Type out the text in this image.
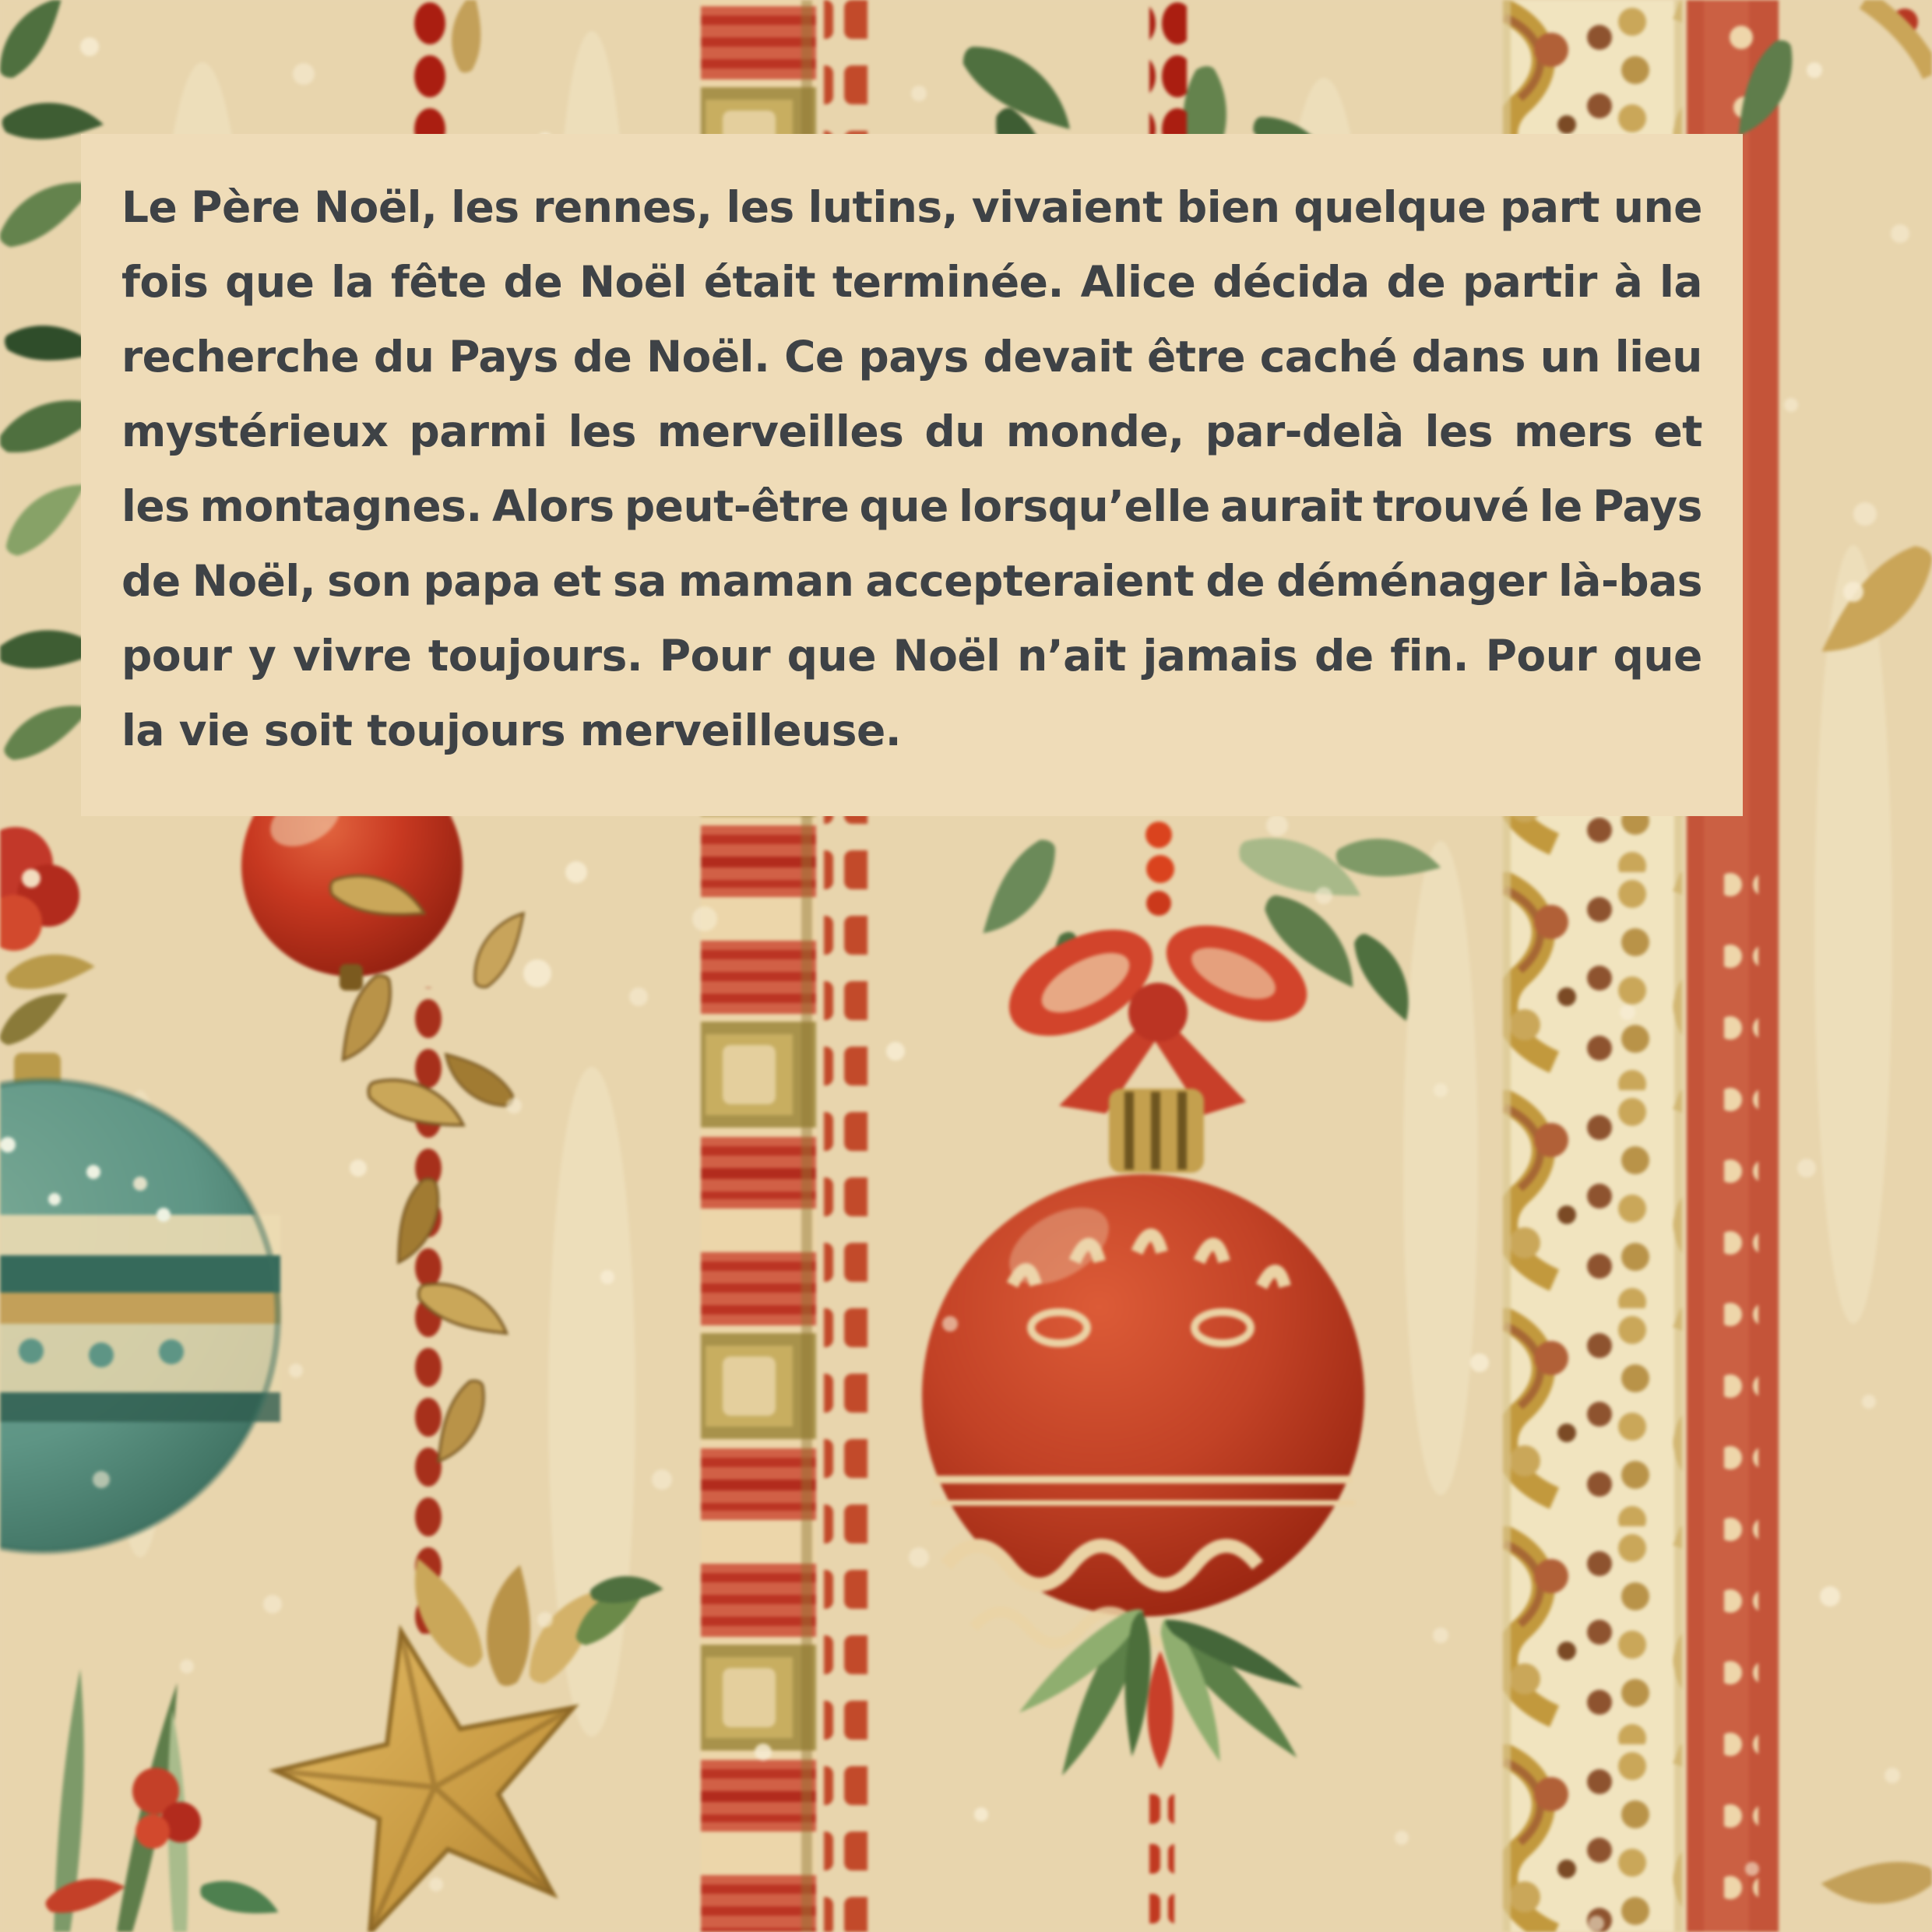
Le Père Noël, les rennes, les lutins, vivaient bien quelque part une
fois que la fête de Noël était terminée. Alice décida de partir à la
recherche du Pays de Noël. Ce pays devait être caché dans un lieu
mystérieux parmi les merveilles du monde, par-delà les mers et
les montagnes. Alors peut-être que lorsqu’elle aurait trouvé le Pays
de Noël, son papa et sa maman accepteraient de déménager là-bas
pour y vivre toujours. Pour que Noël n’ait jamais de fin. Pour que
la vie soit toujours merveilleuse.
